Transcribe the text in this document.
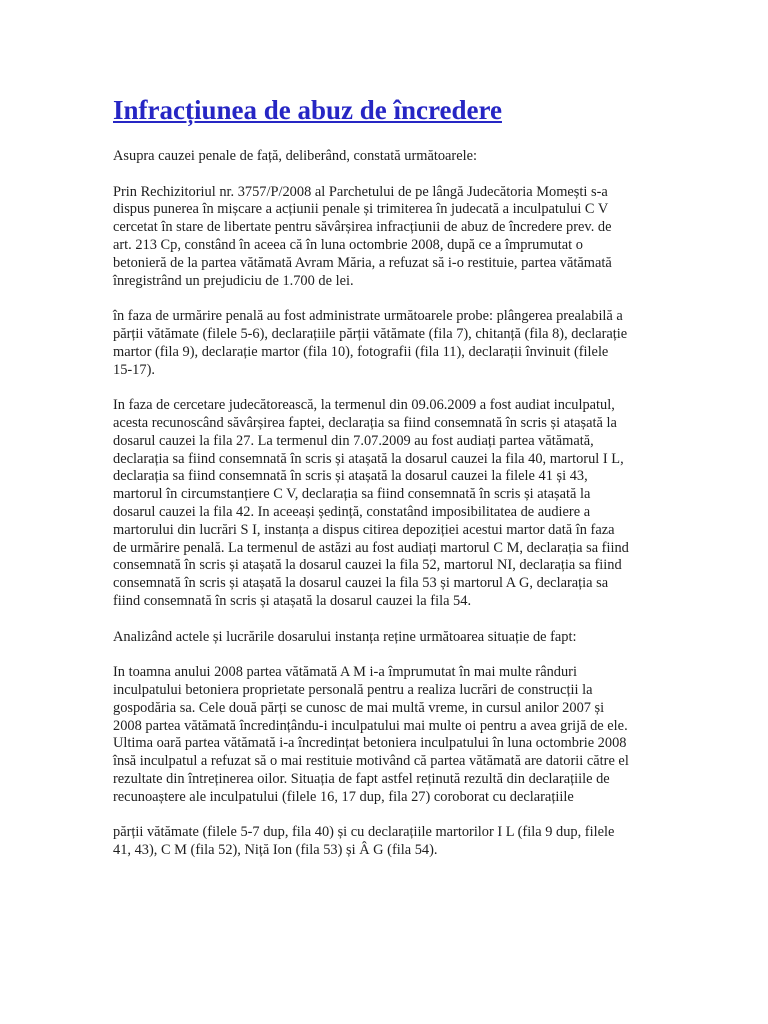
Infracțiunea de abuz de încredere
Asupra cauzei penale de față, deliberând, constată următoarele:
Prin Rechizitoriul nr. 3757/P/2008 al Parchetului de pe lângă Judecătoria Momești s-a
dispus punerea în mișcare a acțiunii penale și trimiterea în judecată a inculpatului C V
cercetat în stare de libertate pentru săvârșirea infracțiunii de abuz de încredere prev. de
art. 213 Cp, constând în aceea că în luna octombrie 2008, după ce a împrumutat o
betonieră de la partea vătămată Avram Măria, a refuzat să i-o restituie, partea vătămată
înregistrând un prejudiciu de 1.700 de lei.
în faza de urmărire penală au fost administrate următoarele probe: plângerea prealabilă a
părții vătămate (filele 5-6), declarațiile părții vătămate (fila 7), chitanță (fila 8), declarație
martor (fila 9), declarație martor (fila 10), fotografii (fila 11), declarații învinuit (filele
15-17).
In faza de cercetare judecătorească, la termenul din 09.06.2009 a fost audiat inculpatul,
acesta recunoscând săvârșirea faptei, declarația sa fiind consemnată în scris și atașată la
dosarul cauzei la fila 27. La termenul din 7.07.2009 au fost audiați partea vătămată,
declarația sa fiind consemnată în scris și atașată la dosarul cauzei la fila 40, martorul I L,
declarația sa fiind consemnată în scris și atașată la dosarul cauzei la filele 41 și 43,
martorul în circumstanțiere C V, declarația sa fiind consemnată în scris și atașată la
dosarul cauzei la fila 42. In aceeași ședință, constatând imposibilitatea de audiere a
martorului din lucrări S I, instanța a dispus citirea depoziției acestui martor dată în faza
de urmărire penală. La termenul de astăzi au fost audiați martorul C M, declarația sa fiind
consemnată în scris și atașată la dosarul cauzei la fila 52, martorul NI, declarația sa fiind
consemnată în scris și atașată la dosarul cauzei la fila 53 și martorul A G, declarația sa
fiind consemnată în scris și atașată la dosarul cauzei la fila 54.
Analizând actele și lucrările dosarului instanța reține următoarea situație de fapt:
In toamna anului 2008 partea vătămată A M i-a împrumutat în mai multe rânduri
inculpatului betoniera proprietate personală pentru a realiza lucrări de construcții la
gospodăria sa. Cele două părți se cunosc de mai multă vreme, in cursul anilor 2007 și
2008 partea vătămată încredințându-i inculpatului mai multe oi pentru a avea grijă de ele.
Ultima oară partea vătămată i-a încredințat betoniera inculpatului în luna octombrie 2008
însă inculpatul a refuzat să o mai restituie motivând că partea vătămată are datorii către el
rezultate din întreținerea oilor. Situația de fapt astfel reținută rezultă din declarațiile de
recunoaștere ale inculpatului (filele 16, 17 dup, fila 27) coroborat cu declarațiile
părții vătămate (filele 5-7 dup, fila 40) și cu declarațiile martorilor I L (fila 9 dup, filele
41, 43), C M (fila 52), Niță Ion (fila 53) și Â G (fila 54).
